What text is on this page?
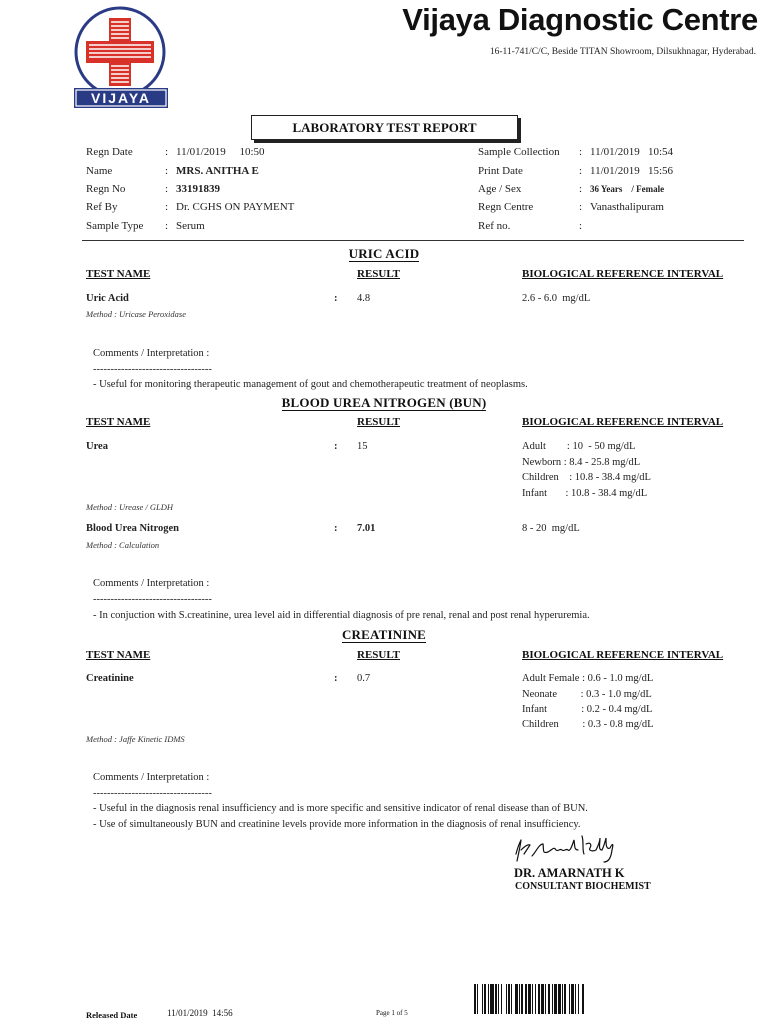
VIJAYA
Vijaya Diagnostic Centre
16-11-741/C/C, Beside TITAN Showroom, Dilsukhnagar, Hyderabad.
LABORATORY TEST REPORT
Regn Date	: 11/01/2019     10:50
Name	: MRS. ANITHA E
Regn No	: 33191839
Ref By	: Dr. CGHS ON PAYMENT
Sample Type : Serum
Sample Collection : 11/01/2019   10:54
Print Date	: 11/01/2019   15:56
Age / Sex	: 36 Years    / Female
Regn Centre	: Vanasthalipuram
Ref no.	:
URIC ACID
TEST NAME	RESULT	BIOLOGICAL REFERENCE INTERVAL
Uric Acid	: 4.8	2.6 - 6.0  mg/dL
Method : Uricase Peroxidase
Comments / Interpretation :
----------------------------------
- Useful for monitoring therapeutic management of gout and chemotherapeutic treatment of neoplasms.
BLOOD UREA NITROGEN (BUN)
TEST NAME	RESULT	BIOLOGICAL REFERENCE INTERVAL
Urea	: 15	Adult        : 10  - 50 mg/dL
Newborn : 8.4 - 25.8 mg/dL
Children    : 10.8 - 38.4 mg/dL
Infant       : 10.8 - 38.4 mg/dL
Method : Urease / GLDH
Blood Urea Nitrogen	: 7.01	8 - 20  mg/dL
Method : Calculation
Comments / Interpretation :
----------------------------------
- In conjuction with S.creatinine, urea level aid in differential diagnosis of pre renal, renal and post renal hyperuremia.
CREATININE
TEST NAME	RESULT	BIOLOGICAL REFERENCE INTERVAL
Creatinine	: 0.7	Adult Female : 0.6 - 1.0 mg/dL
Neonate         : 0.3 - 1.0 mg/dL
Infant             : 0.2 - 0.4 mg/dL
Children         : 0.3 - 0.8 mg/dL
Method : Jaffe Kinetic IDMS
Comments / Interpretation :
----------------------------------
- Useful in the diagnosis renal insufficiency and is more specific and sensitive indicator of renal disease than of BUN.
- Use of simultaneously BUN and creatinine levels provide more information in the diagnosis of renal insufficiency.
DR. AMARNATH K
CONSULTANT BIOCHEMIST
Released Date	11/01/2019  14:56	Page 1 of 5
